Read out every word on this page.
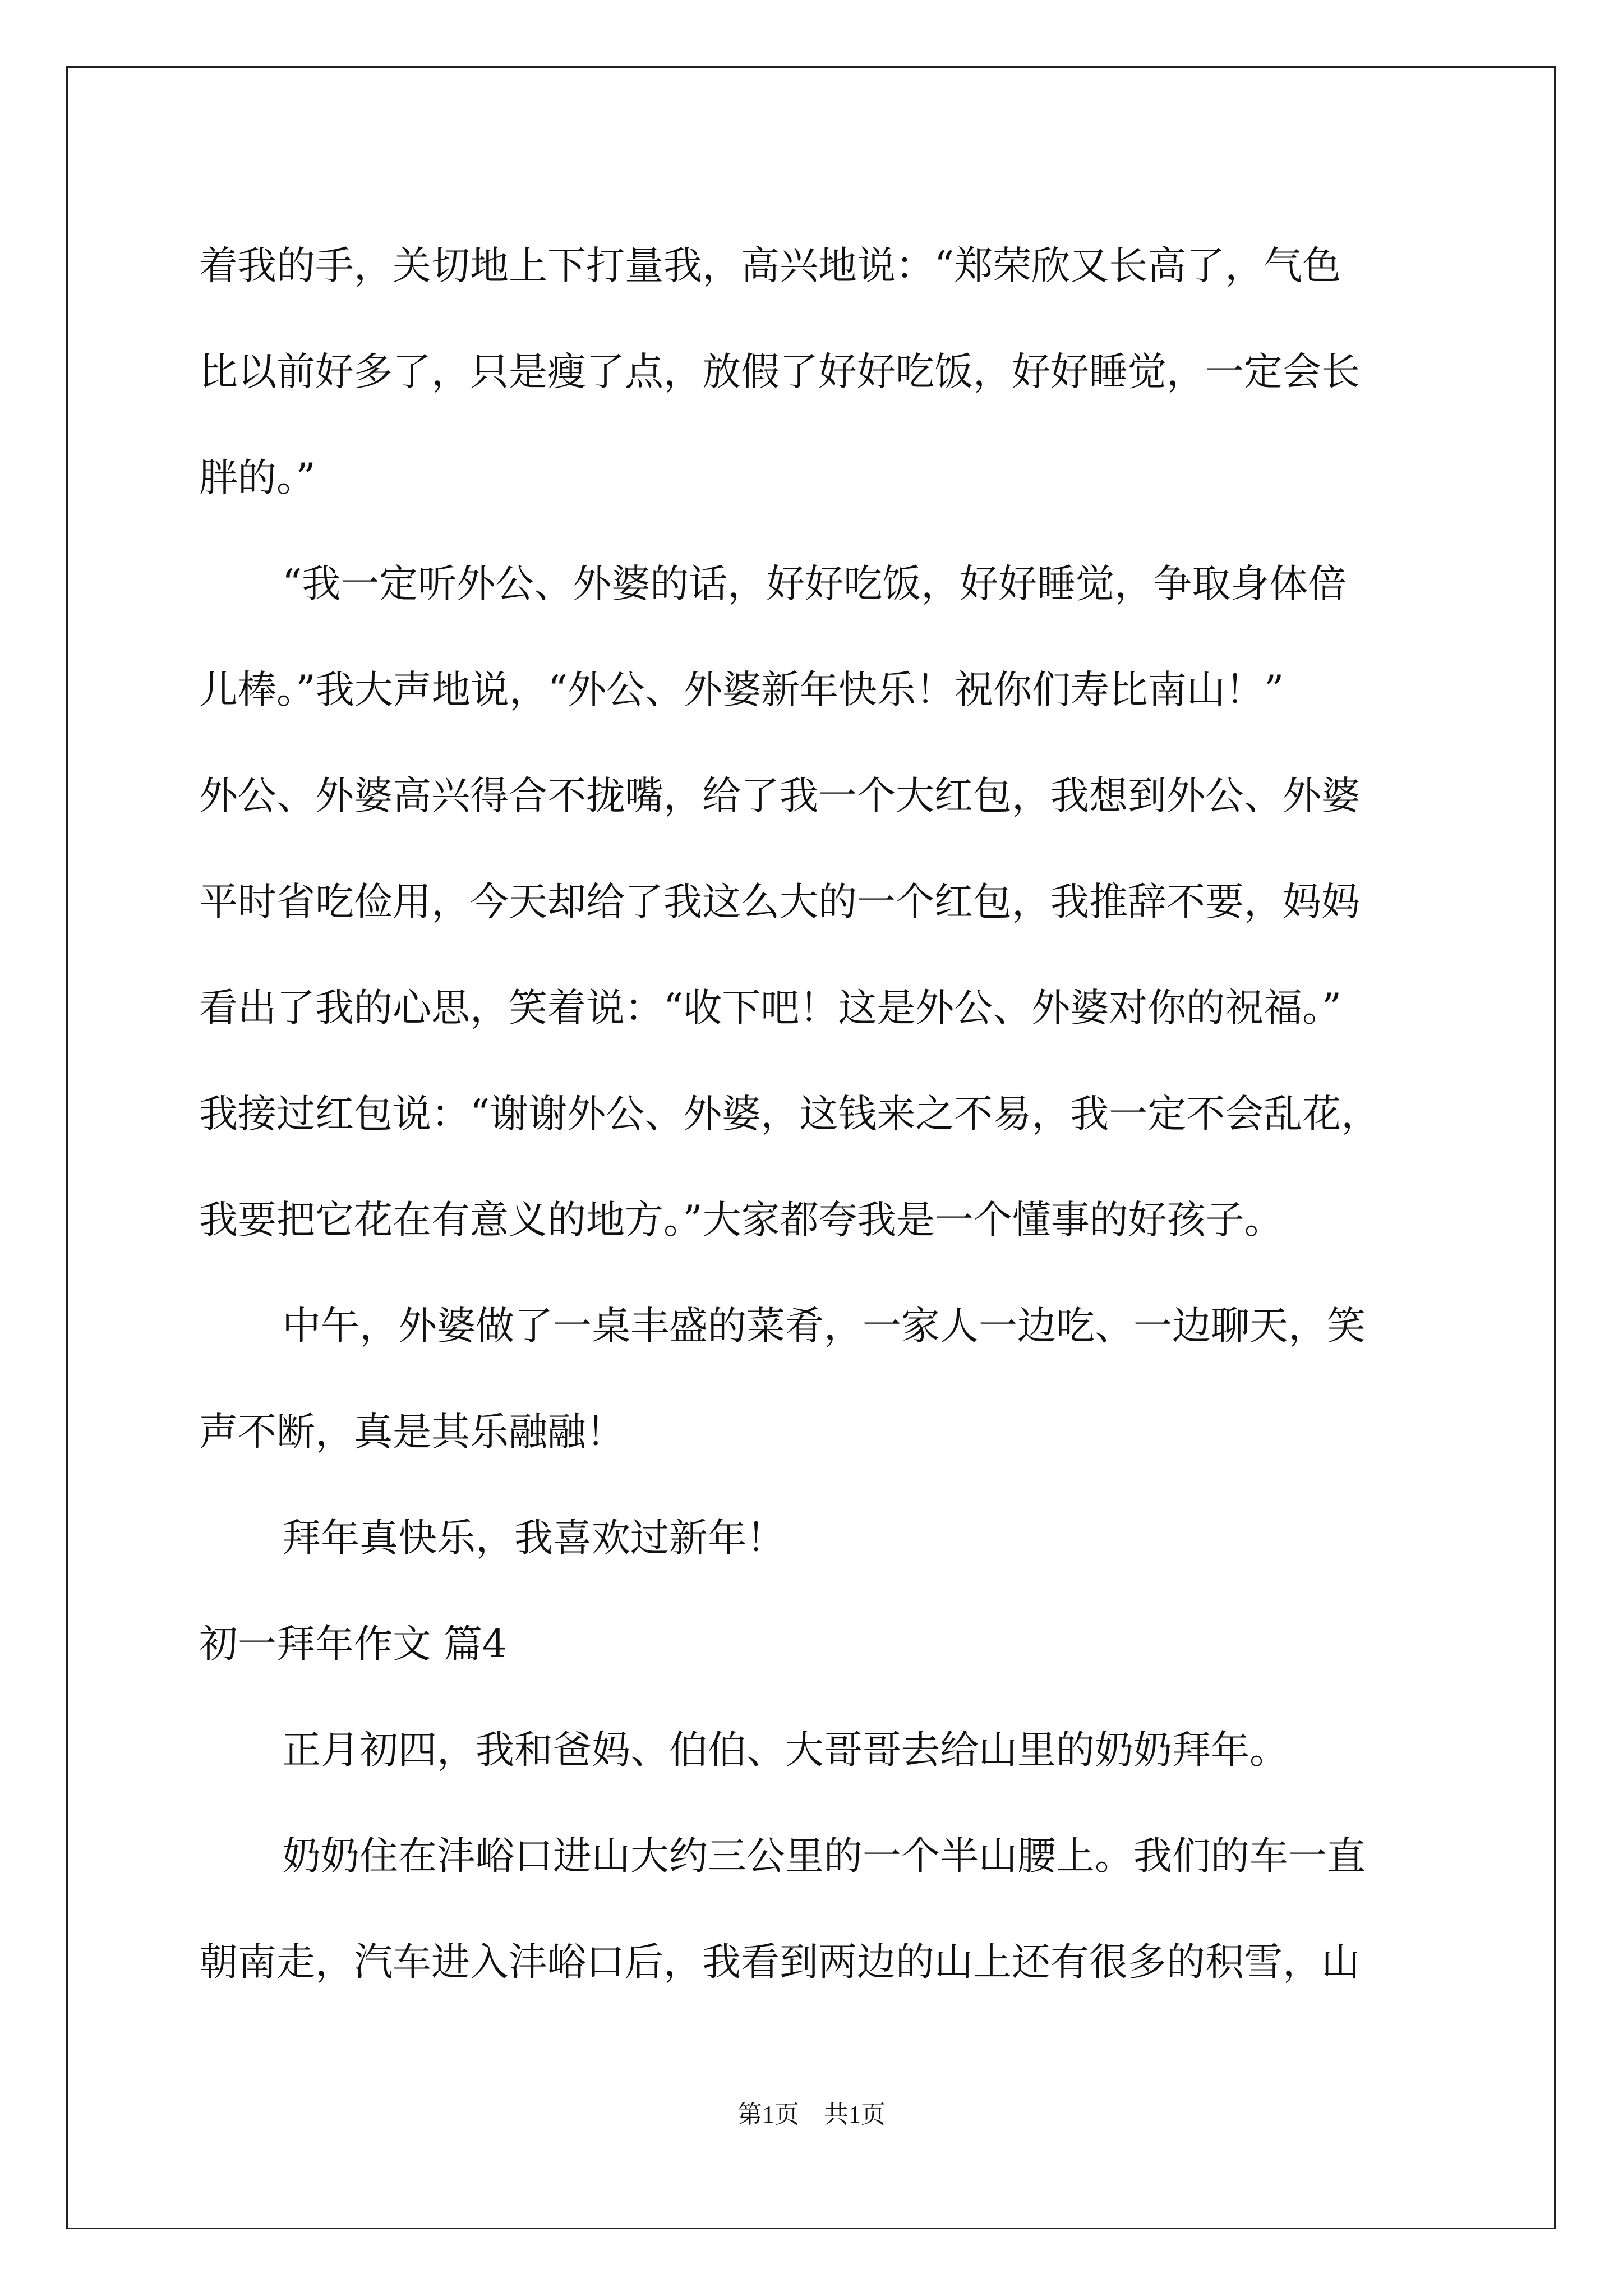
着我的手，关切地上下打量我，高兴地说：“郑荣欣又长高了，气色

比以前好多了，只是瘦了点，放假了好好吃饭，好好睡觉，一定会长

胖的。”

“我一定听外公、外婆的话，好好吃饭，好好睡觉，争取身体倍

儿棒。”我大声地说，“外公、外婆新年快乐！祝你们寿比南山！”

外公、外婆高兴得合不拢嘴，给了我一个大红包，我想到外公、外婆

平时省吃俭用，今天却给了我这么大的一个红包，我推辞不要，妈妈

看出了我的心思，笑着说：“收下吧！这是外公、外婆对你的祝福。”

我接过红包说：“谢谢外公、外婆，这钱来之不易，我一定不会乱花，

我要把它花在有意义的地方。”大家都夸我是一个懂事的好孩子。

中午，外婆做了一桌丰盛的菜肴，一家人一边吃、一边聊天，笑

声不断，真是其乐融融！

拜年真快乐，我喜欢过新年！

初一拜年作文 篇4

正月初四，我和爸妈、伯伯、大哥哥去给山里的奶奶拜年。

奶奶住在沣峪口进山大约三公里的一个半山腰上。我们的车一直

朝南走，汽车进入沣峪口后，我看到两边的山上还有很多的积雪，山

第1页　共1页
